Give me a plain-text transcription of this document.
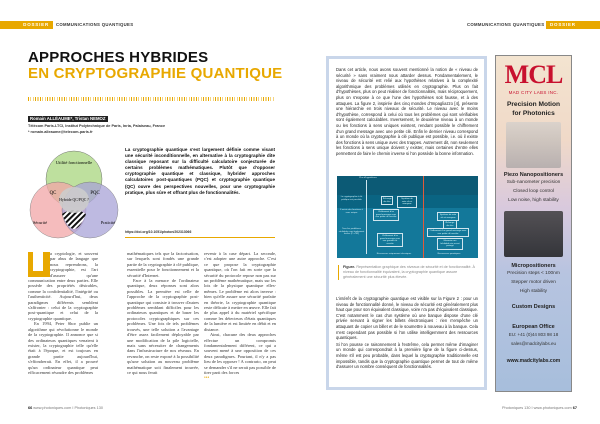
DOSSIER	COMMUNICATIONS QUANTIQUES
APPROCHES HYBRIDES
EN CRYPTOGRAPHIE QUANTIQUE
Romain ALLÉAUME*, Tristan NEMOZ
Télécom Paris-LTCI, Institut Polytechnique de Paris, Inria, Palaiseau, France
* romain.alleaume@telecom-paris.fr
Utilité fonctionnelle
Sécurité	Praticité
QC	PQC
Hybride QC/PQC ?
La cryptographie quantique s'est largement définie comme visant une sécurité inconditionnelle, en alternative à la cryptographie dite classique reposant sur la difficulté calculatoire conjecturée de certains problèmes mathématiques. Plutôt que d'opposer cryptographie quantique et classique, hybrider approches calculatoires post-quantiques (PQC) et cryptographie quantique (QC) ouvre des perspectives nouvelles, pour une cryptographie pratique, plus sûre et offrant plus de fonctionnalités.
https://doi.org/10.1051/photon/202313066

a cryptologie, et souvent par abus de langage que nous reprendrons, la cryptographie, est l'art d'assurer qu'une communication entre deux parties. Elle possède des propriétés désirables, comme la confidentialité, l'intégrité ou l'authenticité. Aujourd'hui, deux paradigmes différents semblent s'affronter : celui de la cryptographie post-quantique et celui de la cryptographie quantique.

En 1994, Peter Shor publie un algorithme qui révolutionne le monde de la cryptographie. Il annonce que si des ordinateurs quantiques venaient à exister, la cryptographie telle qu'elle était à l'époque, et est toujours en grande partie aujourd'hui, s'effondrerait. En effet, il a prouvé qu'un ordinateur quantique peut efficacement résoudre des problèmes

mathématiques tels que la factorisation, sur lesquels sont fondés une grande partie de la cryptographie à clé publique, essentielle pour le fonctionnement et la sécurité d'Internet.

Face à la menace de l'ordinateur quantique, deux réponses sont alors possibles. La première est celle de l'approche de la cryptographie post-quantique qui consiste à trouver d'autres problèmes semblant difficiles pour les ordinateurs quantiques et de baser les protocoles cryptographiques sur ces problèmes. Une fois de tels problèmes trouvés, une telle solution a l'avantage d'être assez facilement déployable par une modification de la pile logicielle, mais sans nécessiter de changements dans l'infrastructure de nos réseaux. En revanche, on reste exposé à la possibilité qu'une solution au nouveau problème mathématique soit finalement trouvée, ce qui nous ferait

revenir à la case départ. La seconde, c'est adopter une autre approche. C'est ce que propose la cryptographie quantique, où l'on fait en sorte que la sécurité du protocole repose non pas sur un problème mathématique, mais sur les lois de la physique quantique elles-mêmes. Le problème est alors inverse : bien qu'elle assure une sécurité parfaite en théorie, la cryptographie quantique reste délicate à mettre en œuvre. Elle fait de plus appel à du matériel spécifique comme les détecteurs d'états quantiques de la lumière et est limitée en débit et en distance.

Ainsi, chacune des deux approches effectue un compromis fondamentalement différent, ce qui a souvent mené à une opposition de ces deux paradigmes. Pourtant, il n'y a pas lieu de les opposer ! A contrario, on peut se demander s'il ne serait pas possible de tirer parti des forces

•••
66 www.photoniques.com I Photoniques 130
COMMUNICATIONS QUANTIQUES	DOSSIER
Dans cet article, nous avons souvent mentionné la notion de « niveau de sécurité » sans vraiment nous attarder dessus. Fondamentalement, le niveau de sécurité est relié aux hypothèses relatives à la complexité algorithmique des problèmes utilisés en cryptographie. Plus on fait d'hypothèses, plus on peut réaliser de fonctionnalités, mais réciproquement, plus on s'expose à ce que l'une des hypothèses soit fausse, et à des attaques. La figure 2, inspirée des cinq mondes d'Impagliazzo [4], présente une hiérarchie en trois niveaux de sécurité. Le niveau avec le moins d'hypothèse, correspond à celui où tous les problèmes qui sont vérifiables sont également calculables. Inversement, le deuxième niveau à un monde ou les fonctions à sens uniques existent, rendant possible le chiffrement d'un grand message avec une petite clé. Enfin le dernier niveau correspond à un monde où la cryptographie à clé publique est possible, i.e. où il existe des fonctions à sens unique avec des trappes. Autrement dit, non seulement les fonctions à sens unique doivent y exister, mais certaines d'entre elles permettent de faire le chemin inverse si l'on possède la bonne information.
Plus d'hypothèses
La cryptographie à clé publique est possible
Il existe des fonctions à sens unique
Tous les problèmes vérifiables sont également faciles (P = NP)
Échange de clés
Système de vote sûr et anonyme
Chiffrement d'un grand message avec une petite clé secrète
Système de vote sûr et anonyme
Échange de clés
Chiffrement d'un grand message avec une grande clé secrète
Chiffrement d'un grand message avec une petite clé secrète
Monnaie non falsifiable via secret partagé
Ressources uniquement classiques	Ressources quantiques
Figure. Représentation graphique des niveaux de sécurité et de fonctionnalité. À niveau de fonctionnalité équivalent, la cryptographie quantique assure généralement une sécurité plus élevée.
L'intérêt de la cryptographie quantique est visible sur la Figure 2 : pour un niveau de fonctionnalité donné, le niveau de sécurité est généralement plus haut que pour son équivalent classique, voire n'a pas d'équivalent classique. C'est notamment le cas d'un système où une banque dispose d'une clé privée servant à signer les billets électroniques : rien n'empêche un attaquant de copier un billet et de le soumettre à nouveau à la banque. Cela n'est cependant pas possible si l'on utilise intelligemment des ressources quantiques.
Si l'on pousse ce raisonnement à l'extrême, cela permet même d'imaginer un monde qui correspondrait à la première ligne de la figure ci-dessus, même s'il est peu probable, dans lequel la cryptographie traditionnelle est impossible, tandis que la cryptographie quantique permet de tout de même d'assurer un nombre conséquent de fonctionnalités.
MCL
MAD CITY LABS INC.
Precision Motion for Photonics
Piezo Nanopositioners
Sub-nanometer precision
Closed loop control
Low noise, high stability
Micropositioners
Precision steps < 100nm
Stepper motor driven
High stability
Custom Designs
European Office
EU: +41 (0)44 803 98 18
sales@madcitylabs.eu
www.madcitylabs.com
Photoniques 130 I www.photoniques.com 67
